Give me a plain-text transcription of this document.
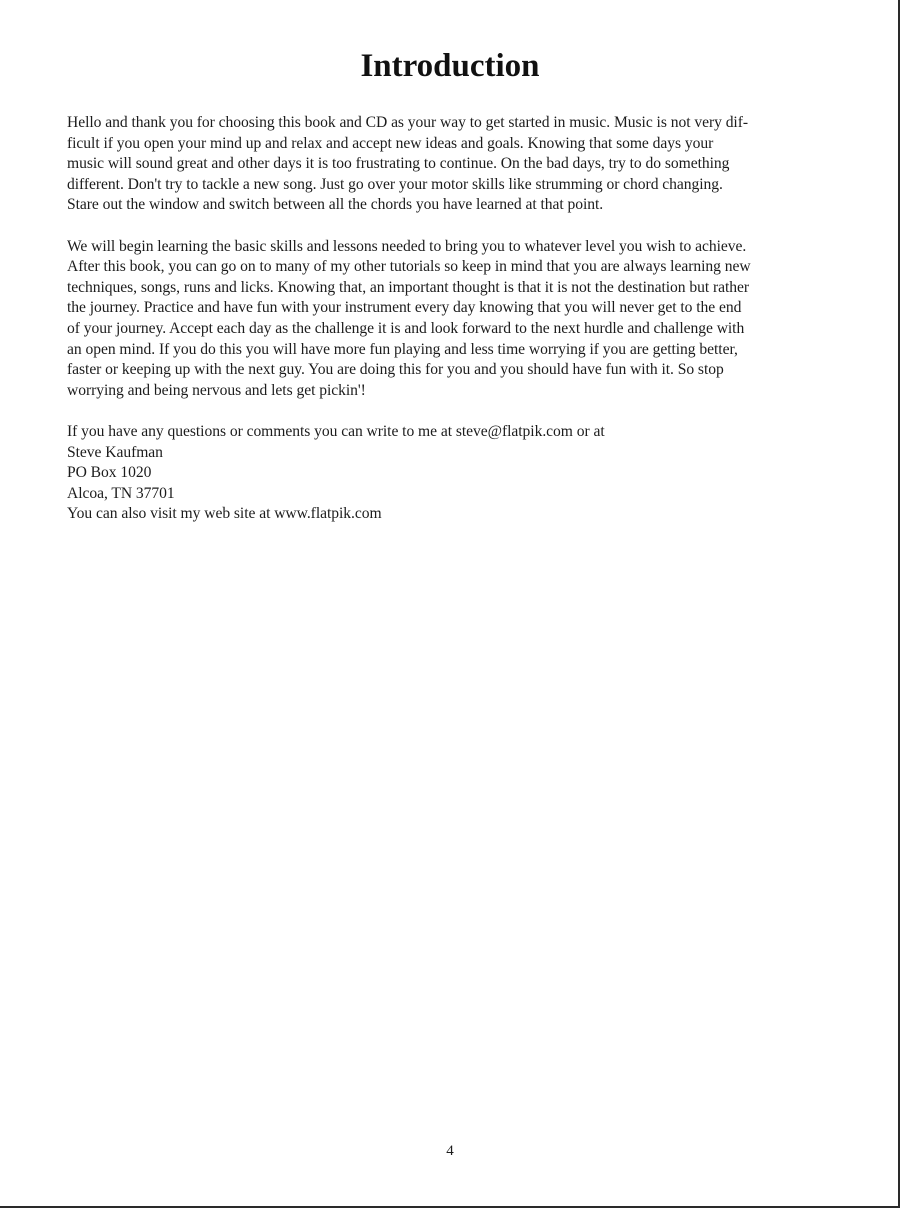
Introduction

Hello and thank you for choosing this book and CD as your way to get started in music. Music is not very dif-
ficult if you open your mind up and relax and accept new ideas and goals. Knowing that some days your
music will sound great and other days it is too frustrating to continue. On the bad days, try to do something
different. Don't try to tackle a new song. Just go over your motor skills like strumming or chord changing.
Stare out the window and switch between all the chords you have learned at that point.

We will begin learning the basic skills and lessons needed to bring you to whatever level you wish to achieve.
After this book, you can go on to many of my other tutorials so keep in mind that you are always learning new
techniques, songs, runs and licks. Knowing that, an important thought is that it is not the destination but rather
the journey. Practice and have fun with your instrument every day knowing that you will never get to the end
of your journey. Accept each day as the challenge it is and look forward to the next hurdle and challenge with
an open mind. If you do this you will have more fun playing and less time worrying if you are getting better,
faster or keeping up with the next guy. You are doing this for you and you should have fun with it. So stop
worrying and being nervous and lets get pickin'!

If you have any questions or comments you can write to me at steve@flatpik.com or at
Steve Kaufman
PO Box 1020
Alcoa, TN 37701
You can also visit my web site at www.flatpik.com
4
